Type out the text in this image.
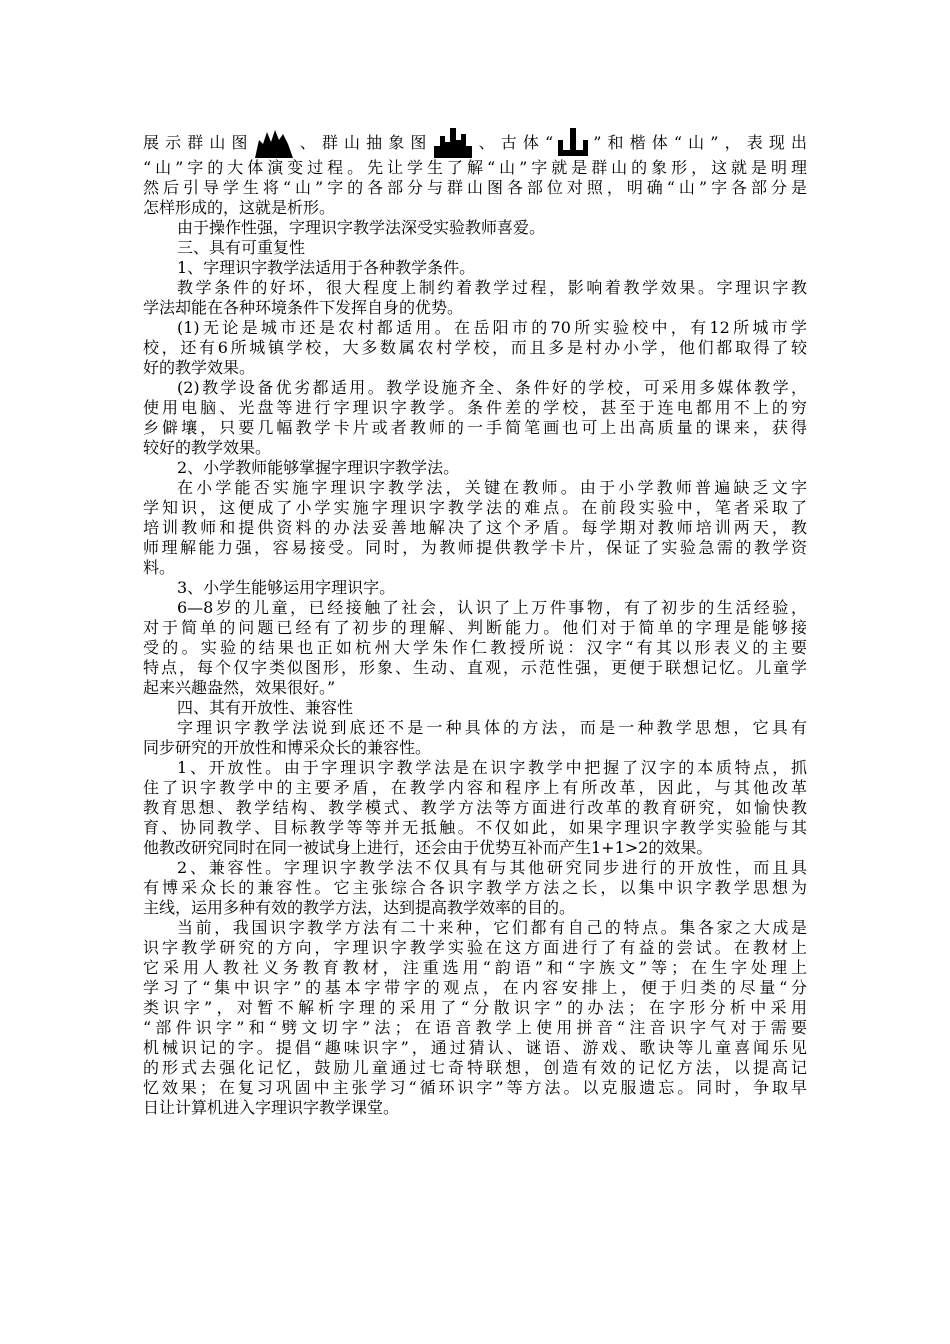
展示群山图	、群山抽象图	、古体“	”和楷体“山”，表现出
“山”字的大体演变过程。先让学生了解“山”字就是群山的象形，这就是明理
然后引导学生将“山”字的各部分与群山图各部位对照，明确“山”字各部分是
怎样形成的，这就是析形。
由于操作性强，字理识字教学法深受实验教师喜爱。
三、具有可重复性
1、字理识字教学法适用于各种教学条件。
教学条件的好坏，很大程度上制约着教学过程，影响着教学效果。字理识字教
学法却能在各种环境条件下发挥自身的优势。
(1)无论是城市还是农村都适用。在岳阳市的70所实验校中，有12所城市学
校，还有6所城镇学校，大多数属农村学校，而且多是村办小学，他们都取得了较
好的教学效果。
(2)教学设备优劣都适用。教学设施齐全、条件好的学校，可采用多媒体教学，
使用电脑、光盘等进行字理识字教学。条件差的学校，甚至于连电都用不上的穷
乡僻壤，只要几幅教学卡片或者教师的一手简笔画也可上出高质量的课来，获得
较好的教学效果。
2、小学教师能够掌握字理识字教学法。
在小学能否实施字理识字教学法，关键在教师。由于小学教师普遍缺乏文字
学知识，这便成了小学实施字理识字教学法的难点。在前段实验中，笔者采取了
培训教师和提供资料的办法妥善地解决了这个矛盾。每学期对教师培训两天，教
师理解能力强，容易接受。同时，为教师提供教学卡片，保证了实验急需的教学资
料。
3、小学生能够运用字理识字。
6—8岁的儿童，已经接触了社会，认识了上万件事物，有了初步的生活经验，
对于简单的问题已经有了初步的理解、判断能力。他们对于简单的字理是能够接
受的。实验的结果也正如杭州大学朱作仁教授所说：汉字“有其以形表义的主要
特点，每个仅字类似图形，形象、生动、直观，示范性强，更便于联想记忆。儿童学
起来兴趣盎然，效果很好。”
四、其有开放性、兼容性
字理识字教学法说到底还不是一种具体的方法，而是一种教学思想，它具有
同步研究的开放性和博采众长的兼容性。
1、开放性。由于字理识字教学法是在识字教学中把握了汉字的本质特点，抓
住了识字教学中的主要矛盾，在教学内容和程序上有所改革，因此，与其他改革
教育思想、教学结构、教学模式、教学方法等方面进行改革的教育研究，如愉快教
育、协同教学、目标教学等等并无抵触。不仅如此，如果字理识字教学实验能与其
他教改研究同时在同一被试身上进行，还会由于优势互补而产生1+1>2的效果。
2、兼容性。字理识字教学法不仅具有与其他研究同步进行的开放性，而且具
有博采众长的兼容性。它主张综合各识字教学方法之长，以集中识字教学思想为
主线，运用多种有效的教学方法，达到提高教学效率的目的。
当前，我国识字教学方法有二十来种，它们都有自己的特点。集各家之大成是
识字教学研究的方向，字理识字教学实验在这方面进行了有益的尝试。在教材上
它采用人教社义务教育教材，注重选用“韵语”和“字族文”等；在生字处理上
学习了“集中识字”的基本字带字的观点，在内容安排上，便于归类的尽量“分
类识字”，对暂不解析字理的采用了“分散识字”的办法；在字形分析中采用
“部件识字”和“劈文切字”法；在语音教学上使用拼音“注音识字气对于需要
机械识记的字。提倡“趣味识字”，通过猜认、谜语、游戏、歌诀等儿童喜闻乐见
的形式去强化记忆，鼓励儿童通过七奇特联想，创造有效的记忆方法，以提高记
忆效果；在复习巩固中主张学习“循环识字”等方法。以克服遗忘。同时，争取早
日让计算机进入字理识字教学课堂。
